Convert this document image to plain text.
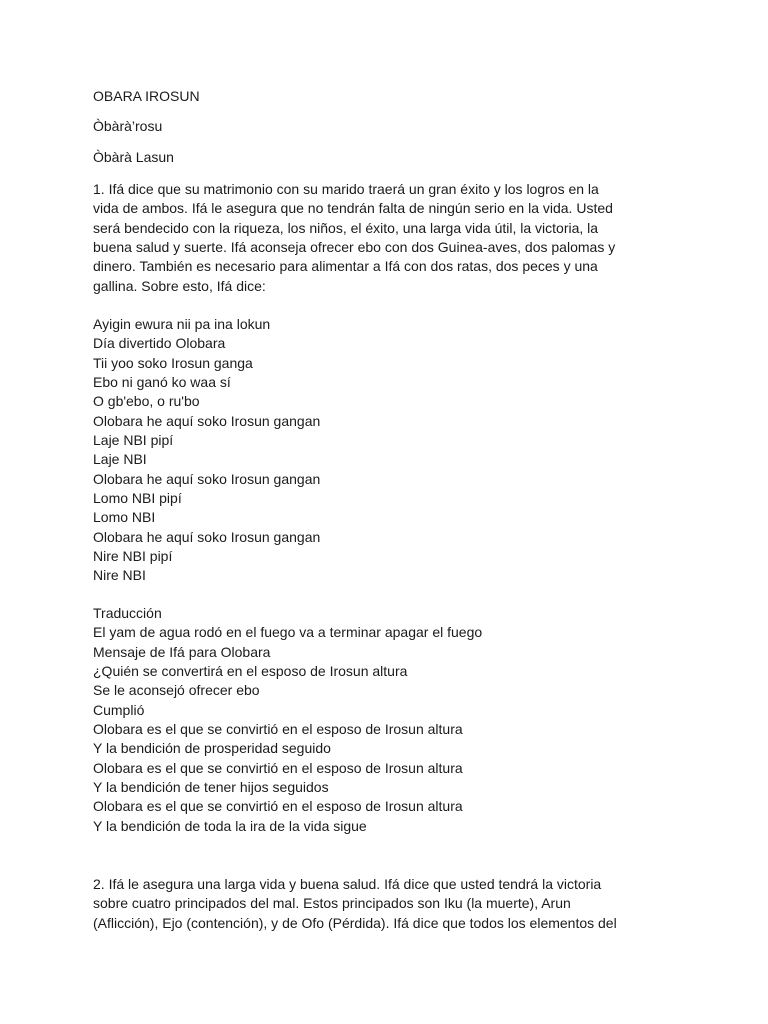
OBARA IROSUN
Òbàrà’rosu
Òbàrà Lasun
1. Ifá dice que su matrimonio con su marido traerá un gran éxito y los logros en la
vida de ambos. Ifá le asegura que no tendrán falta de ningún serio en la vida. Usted
será bendecido con la riqueza, los niños, el éxito, una larga vida útil, la victoria, la
buena salud y suerte. Ifá aconseja ofrecer ebo con dos Guinea-aves, dos palomas y
dinero. También es necesario para alimentar a Ifá con dos ratas, dos peces y una
gallina. Sobre esto, Ifá dice:
Ayigin ewura nii pa ina lokun
Día divertido Olobara
Tii yoo soko Irosun ganga
Ebo ni ganó ko waa sí
O gb'ebo, o ru'bo
Olobara he aquí soko Irosun gangan
Laje NBI pipí
Laje NBI
Olobara he aquí soko Irosun gangan
Lomo NBI pipí
Lomo NBI
Olobara he aquí soko Irosun gangan
Nire NBI pipí
Nire NBI
Traducción
El yam de agua rodó en el fuego va a terminar apagar el fuego
Mensaje de Ifá para Olobara
¿Quién se convertirá en el esposo de Irosun altura
Se le aconsejó ofrecer ebo
Cumplió
Olobara es el que se convirtió en el esposo de Irosun altura
Y la bendición de prosperidad seguido
Olobara es el que se convirtió en el esposo de Irosun altura
Y la bendición de tener hijos seguidos
Olobara es el que se convirtió en el esposo de Irosun altura
Y la bendición de toda la ira de la vida sigue
2. Ifá le asegura una larga vida y buena salud. Ifá dice que usted tendrá la victoria
sobre cuatro principados del mal. Estos principados son Iku (la muerte), Arun
(Aflicción), Ejo (contención), y de Ofo (Pérdida). Ifá dice que todos los elementos del
